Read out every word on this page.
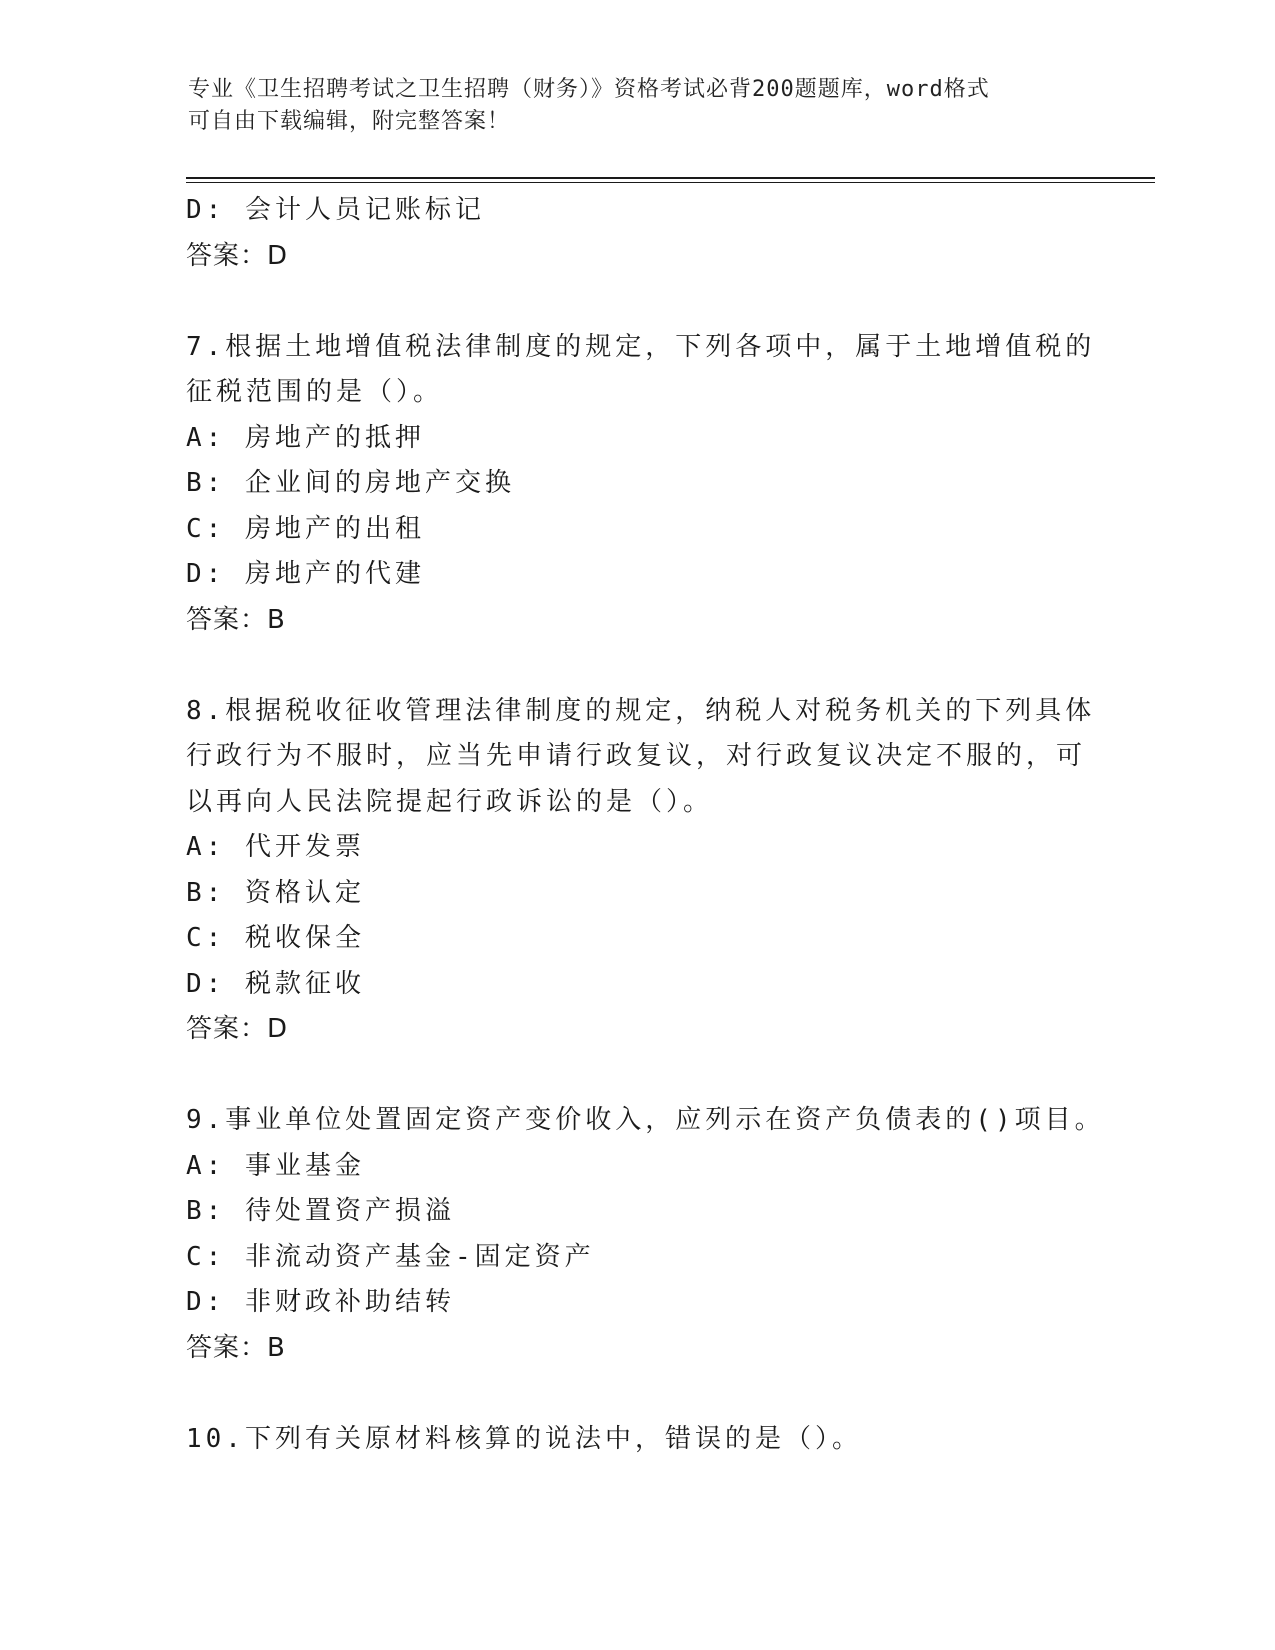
专业《卫生招聘考试之卫生招聘（财务）》资格考试必背200题题库，word格式
可自由下载编辑，附完整答案！
D: 会计人员记账标记
答案：D
7.根据土地增值税法律制度的规定，下列各项中，属于土地增值税的
征税范围的是（）。
A: 房地产的抵押
B: 企业间的房地产交换
C: 房地产的出租
D: 房地产的代建
答案：B
8.根据税收征收管理法律制度的规定，纳税人对税务机关的下列具体
行政行为不服时，应当先申请行政复议，对行政复议决定不服的，可
以再向人民法院提起行政诉讼的是（）。
A: 代开发票
B: 资格认定
C: 税收保全
D: 税款征收
答案：D
9.事业单位处置固定资产变价收入，应列示在资产负债表的()项目。
A: 事业基金
B: 待处置资产损溢
C: 非流动资产基金-固定资产
D: 非财政补助结转
答案：B
10.下列有关原材料核算的说法中，错误的是（）。
